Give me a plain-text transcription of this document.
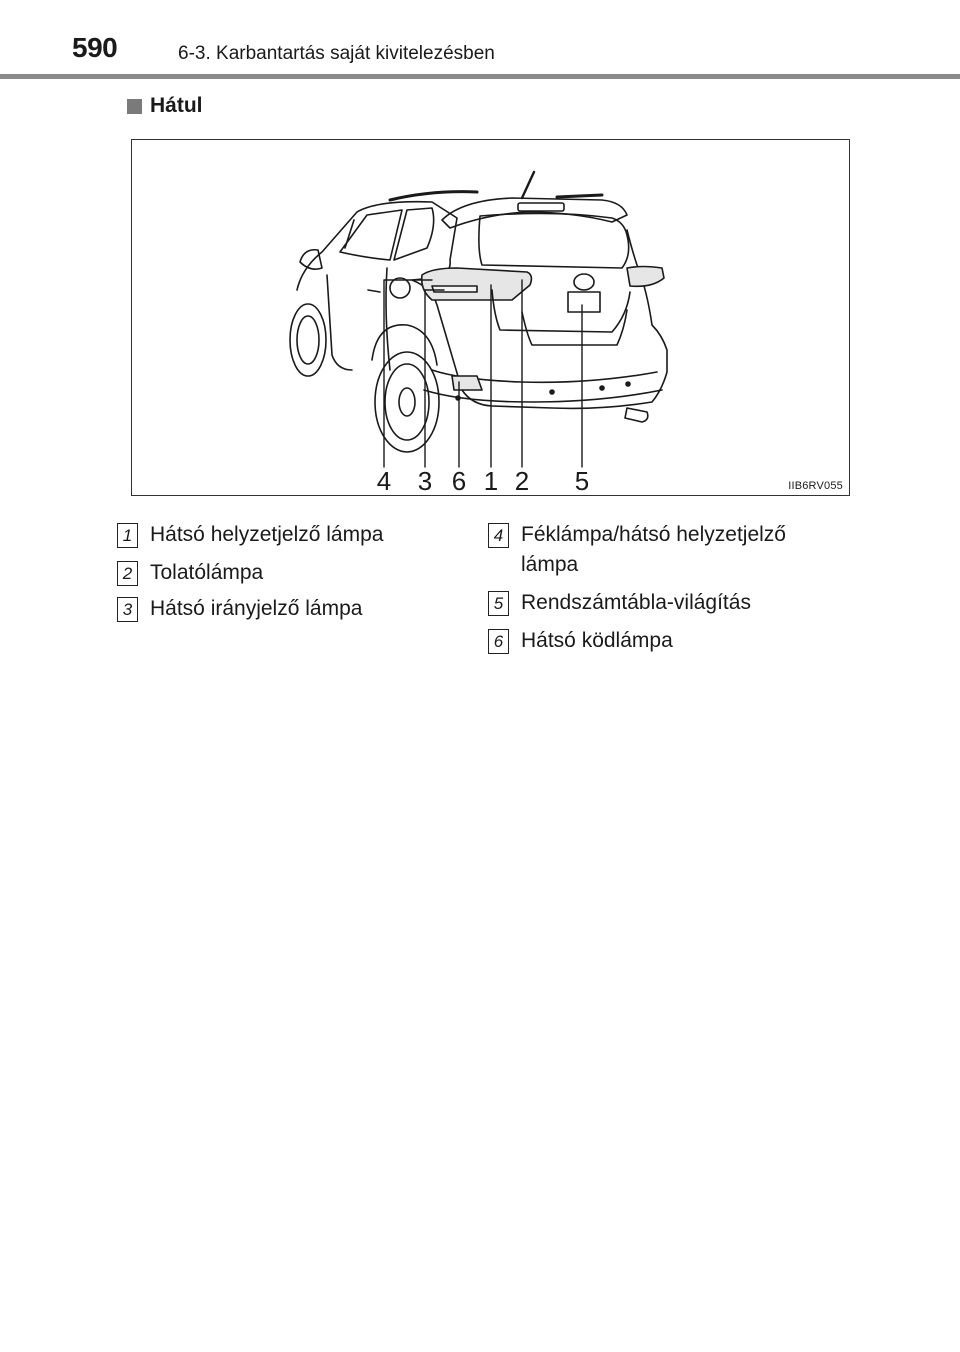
590	6-3. Karbantartás saját kivitelezésben
Hátul
4 3 6 1 2 5	IIB6RV055
1 Hátsó helyzetjelző lámpa
2 Tolatólámpa
3 Hátsó irányjelző lámpa
4 Féklámpa/hátsó helyzetjelző lámpa
5 Rendszámtábla-világítás
6 Hátsó ködlámpa
